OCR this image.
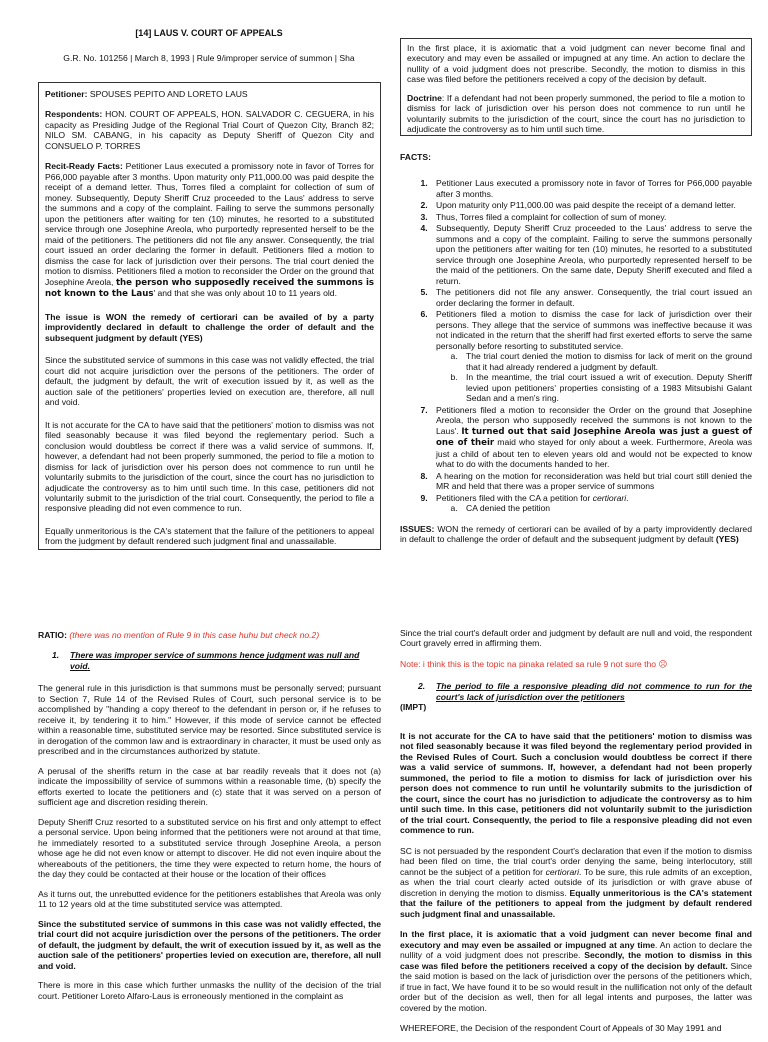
[14] LAUS V. COURT OF APPEALS
G.R. No. 101256 | March 8, 1993 | Rule 9/improper service of summon | Sha

Petitioner: SPOUSES PEPITO AND LORETO LAUS

Respondents: HON. COURT OF APPEALS, HON. SALVADOR C. CEGUERA, in his capacity as Presiding Judge of the Regional Trial Court of Quezon City, Branch 82; NILO SM. CABANG, in his capacity as Deputy Sheriff of Quezon City and CONSUELO P. TORRES

Recit-Ready Facts: Petitioner Laus executed a promissory note in favor of Torres for P66,000 payable after 3 months. Upon maturity only P11,000.00 was paid despite the receipt of a demand letter. Thus, Torres filed a complaint for collection of sum of money. Subsequently, Deputy Sheriff Cruz proceeded to the Laus' address to serve the summons and a copy of the complaint. Failing to serve the summons personally upon the petitioners after waiting for ten (10) minutes, he resorted to a substituted service through one Josephine Areola, who purportedly represented herself to be the maid of the petitioners. The petitioners did not file any answer. Consequently, the trial court issued an order declaring the former in default. Petitioners filed a motion to dismiss the case for lack of jurisdiction over their persons. The trial court denied the motion to dismiss. Petitioners filed a motion to reconsider the Order on the ground that Josephine Areola, the person who supposedly received the summons is not known to the Laus' and that she was only about 10 to 11 years old.

The issue is WON the remedy of certiorari can be availed of by a party improvidently declared in default to challenge the order of default and the subsequent judgment by default (YES)

Since the substituted service of summons in this case was not validly effected, the trial court did not acquire jurisdiction over the persons of the petitioners. The order of default, the judgment by default, the writ of execution issued by it, as well as the auction sale of the petitioners' properties levied on execution are, therefore, all null and void.

It is not accurate for the CA to have said that the petitioners' motion to dismiss was not filed seasonably because it was filed beyond the reglementary period. Such a conclusion would doubtless be correct if there was a valid service of summons. If, however, a defendant had not been properly summoned, the period to file a motion to dismiss for lack of jurisdiction over his person does not commence to run until he voluntarily submits to the jurisdiction of the court, since the court has no jurisdiction to adjudicate the controversy as to him until such time. In this case, petitioners did not voluntarily submit to the jurisdiction of the trial court. Consequently, the period to file a responsive pleading did not even commence to run.

Equally unmeritorious is the CA's statement that the failure of the petitioners to appeal from the judgment by default rendered such judgment final and unassailable.

In the first place, it is axiomatic that a void judgment can never become final and executory and may even be assailed or impugned at any time. An action to declare the nullity of a void judgment does not prescribe. Secondly, the motion to dismiss in this case was filed before the petitioners received a copy of the decision by default.

Doctrine: If a defendant had not been properly summoned, the period to file a motion to dismiss for lack of jurisdiction over his person does not commence to run until he voluntarily submits to the jurisdiction of the court, since the court has no jurisdiction to adjudicate the controversy as to him until such time.

FACTS:
1. Petitioner Laus executed a promissory note in favor of Torres for P66,000 payable after 3 months.
2. Upon maturity only P11,000.00 was paid despite the receipt of a demand letter.
3. Thus, Torres filed a complaint for collection of sum of money.
4. Subsequently, Deputy Sheriff Cruz proceeded to the Laus' address to serve the summons and a copy of the complaint. Failing to serve the summons personally upon the petitioners after waiting for ten (10) minutes, he resorted to a substituted service through one Josephine Areola, who purportedly represented herself to be the maid of the petitioners. On the same date, Deputy Sheriff executed and filed a return.
5. The petitioners did not file any answer. Consequently, the trial court issued an order declaring the former in default.
6. Petitioners filed a motion to dismiss the case for lack of jurisdiction over their persons. They allege that the service of summons was ineffective because it was not indicated in the return that the sheriff had first exerted efforts to serve the same personally before resorting to substituted service.
a. The trial court denied the motion to dismiss for lack of merit on the ground that it had already rendered a judgment by default.
b. In the meantime, the trial court issued a writ of execution. Deputy Sheriff levied upon petitioners' properties consisting of a 1983 Mitsubishi Galant Sedan and a men's ring.
7. Petitioners filed a motion to reconsider the Order on the ground that Josephine Areola, the person who supposedly received the summons is not known to the Laus'. It turned out that said Josephine Areola was just a guest of one of their maid who stayed for only about a week. Furthermore, Areola was just a child of about ten to eleven years old and would not be expected to know what to do with the documents handed to her.
8. A hearing on the motion for reconsideration was held but trial court still denied the MR and held that there was a proper service of summons
9. Petitioners filed with the CA a petition for certiorari.
a. CA denied the petition

ISSUES: WON the remedy of certiorari can be availed of by a party improvidently declared in default to challenge the order of default and the subsequent judgment by default (YES)

RATIO: (there was no mention of Rule 9 in this case huhu but check no.2)

1. There was improper service of summons hence judgment was null and void.

The general rule in this jurisdiction is that summons must be personally served; pursuant to Section 7, Rule 14 of the Revised Rules of Court, such personal service is to be accomplished by "handing a copy thereof to the defendant in person or, if he refuses to receive it, by tendering it to him." However, if this mode of service cannot be effected within a reasonable time, substituted service may be resorted. Since substituted service is in derogation of the common law and is extraordinary in character, it must be used only as prescribed and in the circumstances authorized by statute.

A perusal of the sheriffs return in the case at bar readily reveals that it does not (a) indicate the impossibility of service of summons within a reasonable time, (b) specify the efforts exerted to locate the petitioners and (c) state that it was served on a person of sufficient age and discretion residing therein.

Deputy Sheriff Cruz resorted to a substituted service on his first and only attempt to effect a personal service. Upon being informed that the petitioners were not around at that time, he immediately resorted to a substituted service through Josephine Areola, a person whose age he did not even know or attempt to discover. He did not even inquire about the whereabouts of the petitioners, the time they were expected to return home, the hours of the day they could be contacted at their house or the location of their offices

As it turns out, the unrebutted evidence for the petitioners establishes that Areola was only 11 to 12 years old at the time substituted service was attempted.

Since the substituted service of summons in this case was not validly effected, the trial court did not acquire jurisdiction over the persons of the petitioners. The order of default, the judgment by default, the writ of execution issued by it, as well as the auction sale of the petitioners' properties levied on execution are, therefore, all null and void.

There is more in this case which further unmasks the nullity of the decision of the trial court. Petitioner Loreto Alfaro-Laus is erroneously mentioned in the complaint as

Since the trial court's default order and judgment by default are null and void, the respondent Court gravely erred in affirming them.

Note: i think this is the topic na pinaka related sa rule 9 not sure tho ☹

2. The period to file a responsive pleading did not commence to run for the court's lack of jurisdiction over the petitioners
(IMPT)

It is not accurate for the CA to have said that the petitioners' motion to dismiss was not filed seasonably because it was filed beyond the reglementary period provided in the Revised Rules of Court. Such a conclusion would doubtless be correct if there was a valid service of summons. If, however, a defendant had not been properly summoned, the period to file a motion to dismiss for lack of jurisdiction over his person does not commence to run until he voluntarily submits to the jurisdiction of the court, since the court has no jurisdiction to adjudicate the controversy as to him until such time. In this case, petitioners did not voluntarily submit to the jurisdiction of the trial court. Consequently, the period to file a responsive pleading did not even commence to run.

SC is not persuaded by the respondent Court's declaration that even if the motion to dismiss had been filed on time, the trial court's order denying the same, being interlocutory, still cannot be the subject of a petition for certiorari. To be sure, this rule admits of an exception, as when the trial court clearly acted outside of its jurisdiction or with grave abuse of discretion in denying the motion to dismiss. Equally unmeritorious is the CA's statement that the failure of the petitioners to appeal from the judgment by default rendered such judgment final and unassailable.

In the first place, it is axiomatic that a void judgment can never become final and executory and may even be assailed or impugned at any time. An action to declare the nullity of a void judgment does not prescribe. Secondly, the motion to dismiss in this case was filed before the petitioners received a copy of the decision by default. Since the said motion is based on the lack of jurisdiction over the persons of the petitioners which, if true in fact, We have found it to be so would result in the nullification not only of the default order but of the decision as well, then for all legal intents and purposes, the latter was covered by the motion.

WHEREFORE, the Decision of the respondent Court of Appeals of 30 May 1991 and
